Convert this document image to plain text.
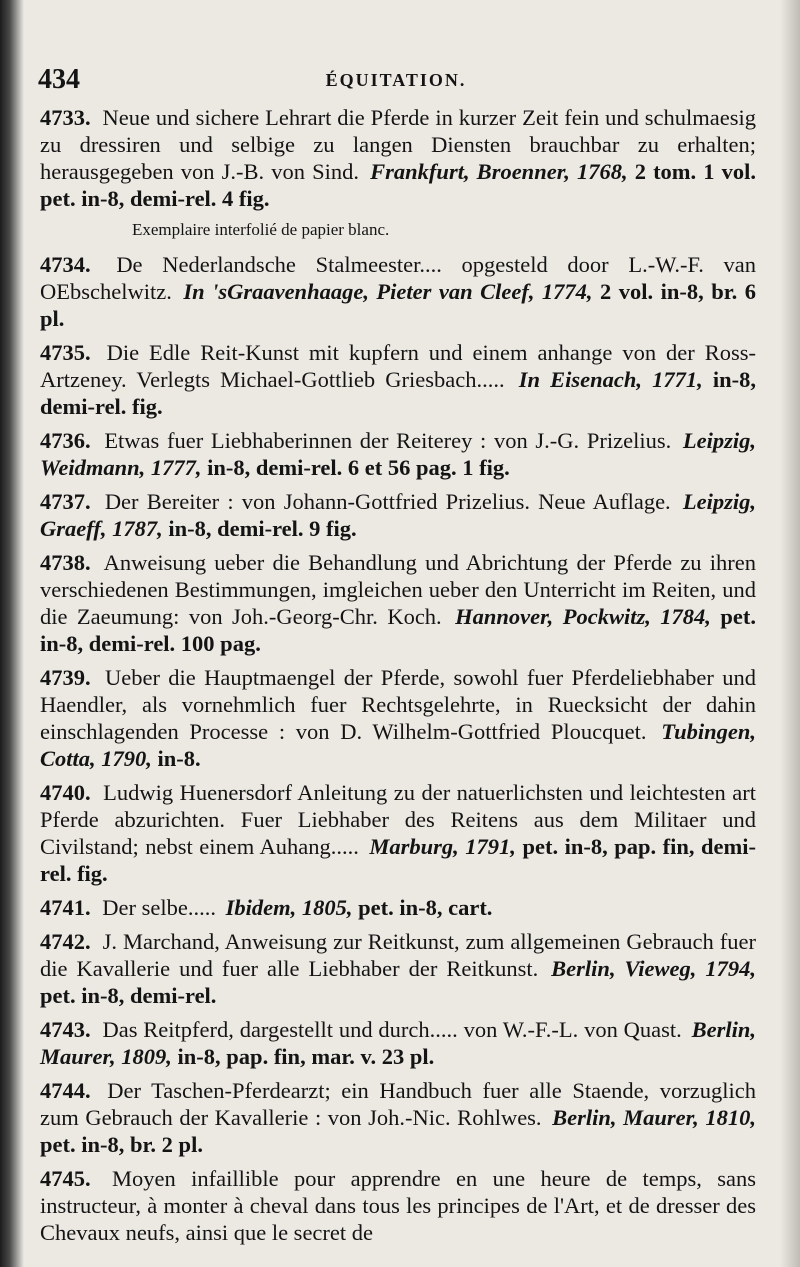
434	ÉQUITATION.
4733. Neue und sichere Lehrart die Pferde in kurzer Zeit fein und schulmaesig zu dressiren und selbige zu langen Diensten brauchbar zu erhalten; herausgegeben von J.-B. von Sind. Frankfurt, Broenner, 1768, 2 tom. 1 vol. pet. in-8, demi-rel. 4 fig.
Exemplaire interfolié de papier blanc.
4734. De Nederlandsche Stalmeester.... opgesteld door L.-W.-F. van OEbschelwitz. In 'sGraavenhaage, Pieter van Cleef, 1774, 2 vol. in-8, br. 6 pl.
4735. Die Edle Reit-Kunst mit kupfern und einem anhange von der Ross-Artzeney. Verlegts Michael-Gottlieb Griesbach..... In Eisenach, 1771, in-8, demi-rel. fig.
4736. Etwas fuer Liebhaberinnen der Reiterey : von J.-G. Prizelius. Leipzig, Weidmann, 1777, in-8, demi-rel. 6 et 56 pag. 1 fig.
4737. Der Bereiter : von Johann-Gottfried Prizelius. Neue Auflage. Leipzig, Graeff, 1787, in-8, demi-rel. 9 fig.
4738. Anweisung ueber die Behandlung und Abrichtung der Pferde zu ihren verschiedenen Bestimmungen, imgleichen ueber den Unterricht im Reiten, und die Zaeumung: von Joh.-Georg-Chr. Koch. Hannover, Pockwitz, 1784, pet. in-8, demi-rel. 100 pag.
4739. Ueber die Hauptmaengel der Pferde, sowohl fuer Pferdeliebhaber und Haendler, als vornehmlich fuer Rechtsgelehrte, in Ruecksicht der dahin einschlagenden Processe : von D. Wilhelm-Gottfried Ploucquet. Tubingen, Cotta, 1790, in-8.
4740. Ludwig Huenersdorf Anleitung zu der natuerlichsten und leichtesten art Pferde abzurichten. Fuer Liebhaber des Reitens aus dem Militaer und Civilstand; nebst einem Auhang..... Marburg, 1791, pet. in-8, pap. fin, demi-rel. fig.
4741. Der selbe..... Ibidem, 1805, pet. in-8, cart.
4742. J. Marchand, Anweisung zur Reitkunst, zum allgemeinen Gebrauch fuer die Kavallerie und fuer alle Liebhaber der Reitkunst. Berlin, Vieweg, 1794, pet. in-8, demi-rel.
4743. Das Reitpferd, dargestellt und durch..... von W.-F.-L. von Quast. Berlin, Maurer, 1809, in-8, pap. fin, mar. v. 23 pl.
4744. Der Taschen-Pferdearzt; ein Handbuch fuer alle Staende, vorzuglich zum Gebrauch der Kavallerie : von Joh.-Nic. Rohlwes. Berlin, Maurer, 1810, pet. in-8, br. 2 pl.
4745. Moyen infaillible pour apprendre en une heure de temps, sans instructeur, à monter à cheval dans tous les principes de l'Art, et de dresser des Chevaux neufs, ainsi que le secret de
